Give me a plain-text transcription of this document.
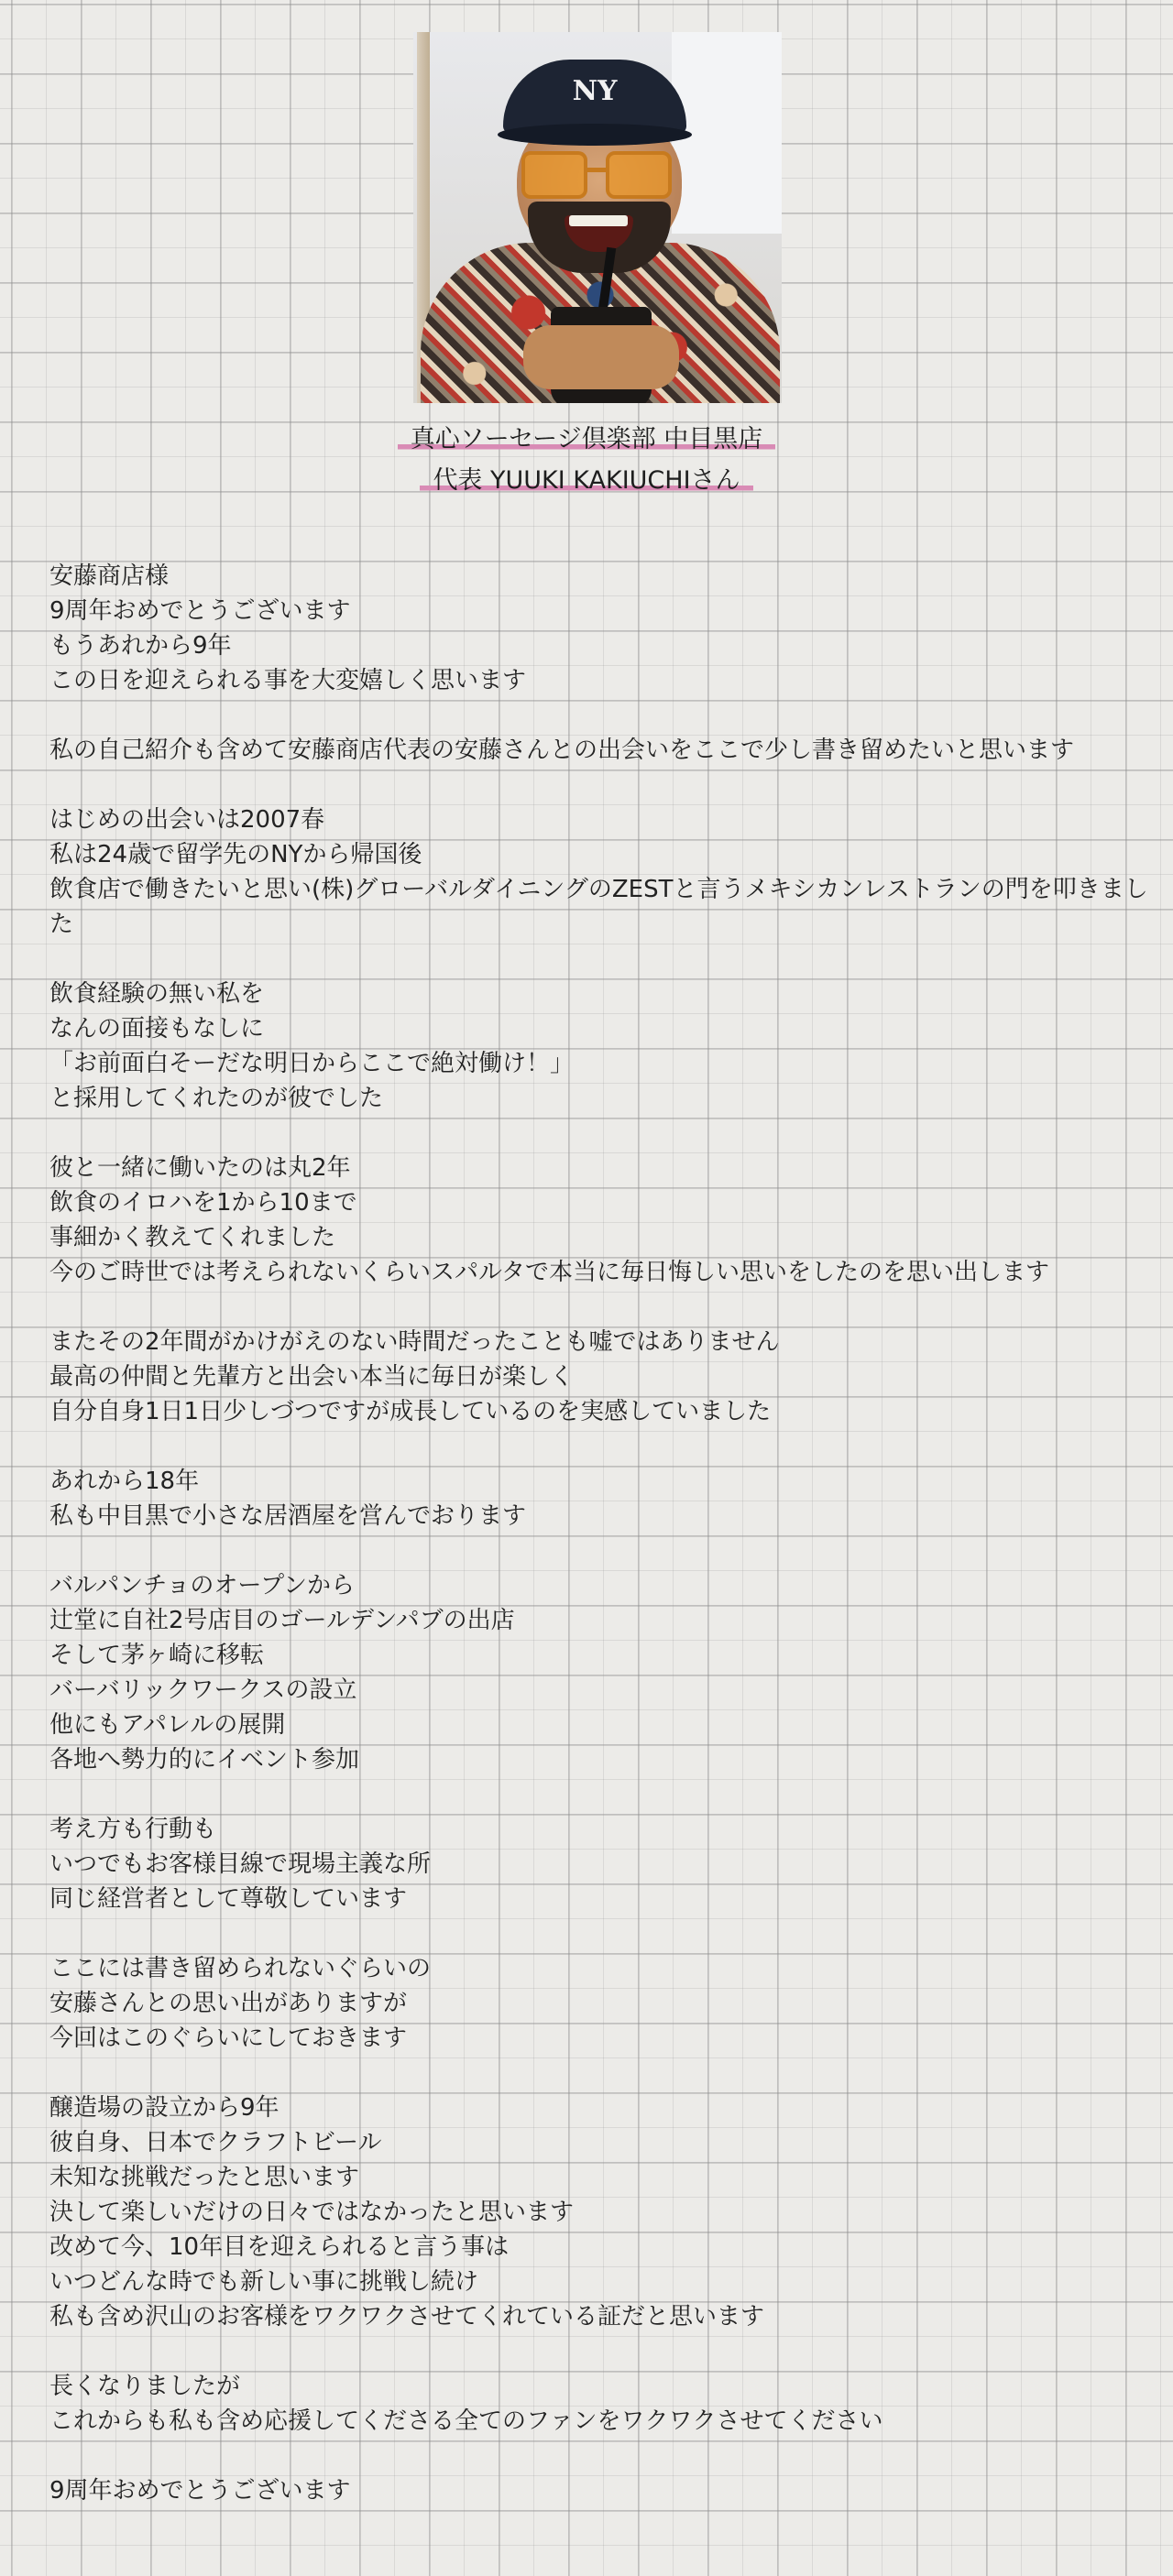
NY
真心ソーセージ倶楽部 中目黒店
代表 YUUKI KAKIUCHIさん

安藤商店様

9周年おめでとうございます

もうあれから9年

この日を迎えられる事を大変嬉しく思います

私の自己紹介も含めて安藤商店代表の安藤さんとの出会いをここで少し書き留めたいと思います

はじめの出会いは2007春

私は24歳で留学先のNYから帰国後

飲食店で働きたいと思い(株)グローバルダイニングのZESTと言うメキシカンレストランの門を叩きました

飲食経験の無い私を

なんの面接もなしに

「お前面白そーだな明日からここで絶対働け！」

と採用してくれたのが彼でした

彼と一緒に働いたのは丸2年

飲食のイロハを1から10まで

事細かく教えてくれました

今のご時世では考えられないくらいスパルタで本当に毎日悔しい思いをしたのを思い出します

またその2年間がかけがえのない時間だったことも嘘ではありません

最高の仲間と先輩方と出会い本当に毎日が楽しく

自分自身1日1日少しづつですが成長しているのを実感していました

あれから18年

私も中目黒で小さな居酒屋を営んでおります

バルパンチョのオープンから

辻堂に自社2号店目のゴールデンパブの出店

そして茅ヶ崎に移転

バーバリックワークスの設立

他にもアパレルの展開

各地へ勢力的にイベント参加

考え方も行動も

いつでもお客様目線で現場主義な所

同じ経営者として尊敬しています

ここには書き留められないぐらいの

安藤さんとの思い出がありますが

今回はこのぐらいにしておきます

醸造場の設立から9年

彼自身、日本でクラフトビール

未知な挑戦だったと思います

決して楽しいだけの日々ではなかったと思います

改めて今、10年目を迎えられると言う事は

いつどんな時でも新しい事に挑戦し続け

私も含め沢山のお客様をワクワクさせてくれている証だと思います

長くなりましたが

これからも私も含め応援してくださる全てのファンをワクワクさせてください

9周年おめでとうございます
